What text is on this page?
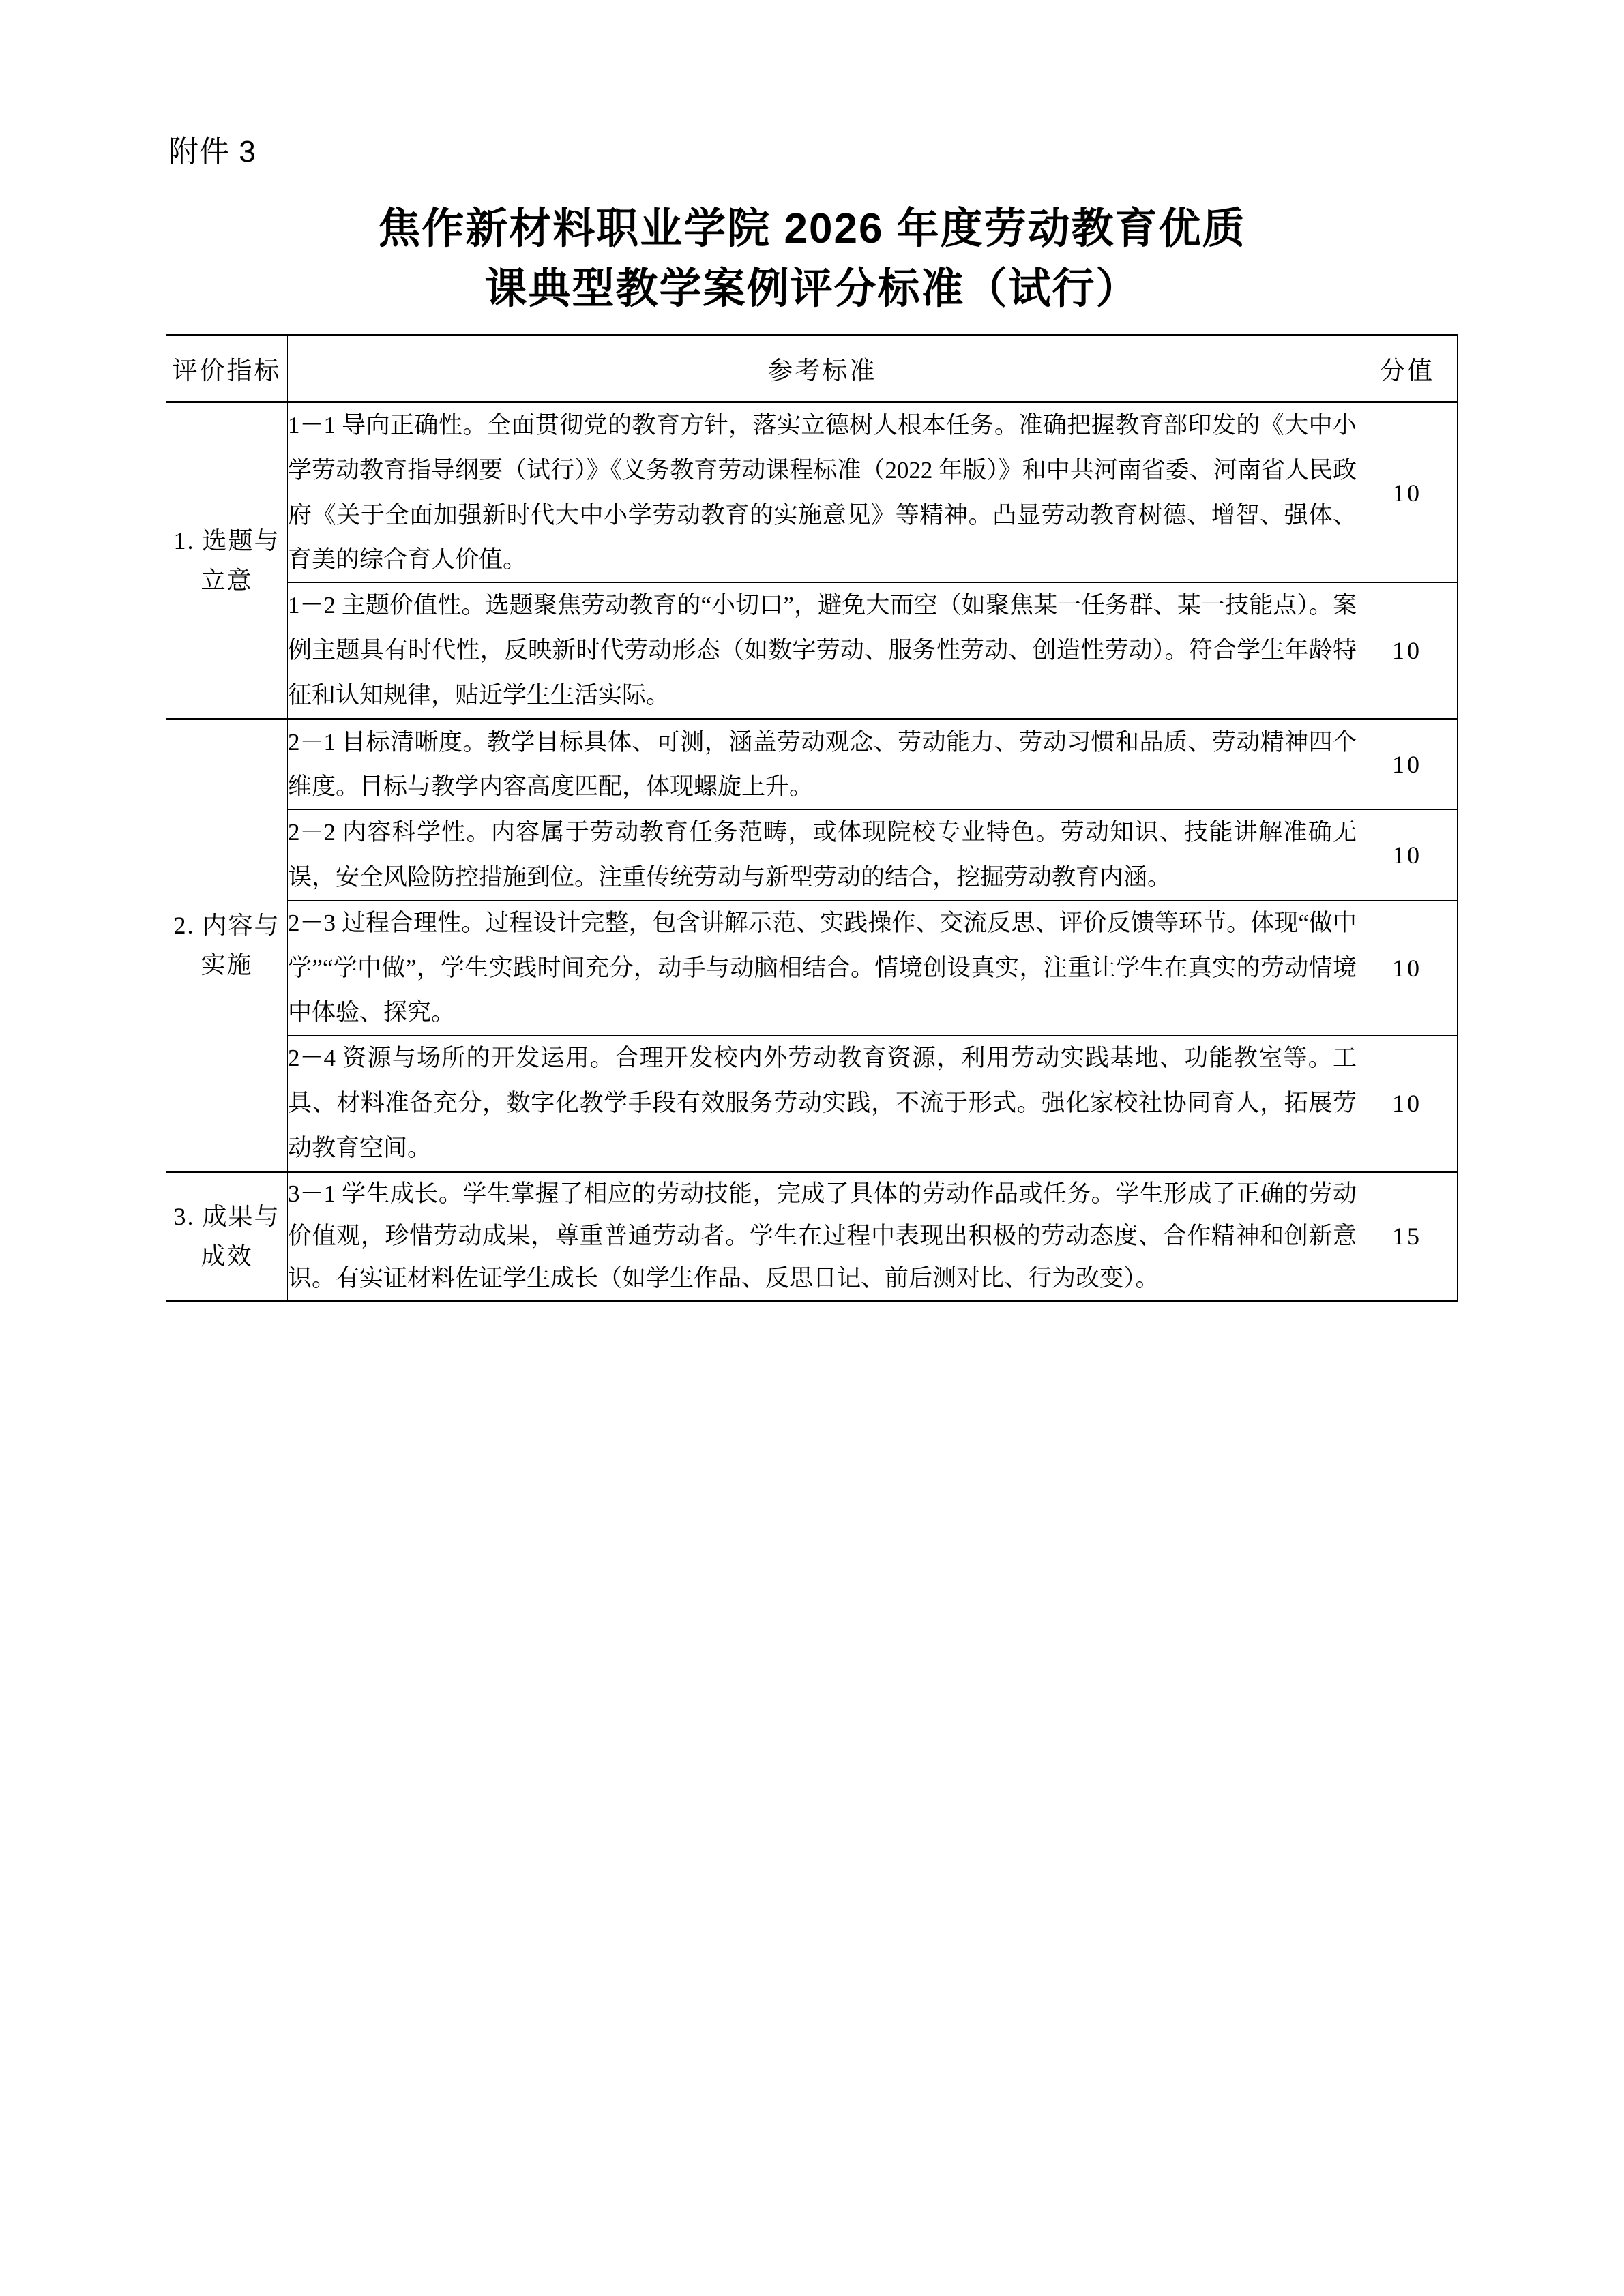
附件 3
焦作新材料职业学院 2026 年度劳动教育优质
课典型教学案例评分标准（试行）
评价指标	参考标准	分值
1. 选题与立意	1－1 导向正确性。全面贯彻党的教育方针，落实立德树人根本任务。准确把握教育部印发的《大中小学劳动教育指导纲要（试行）》《义务教育劳动课程标准（2022 年版）》和中共河南省委、河南省人民政府《关于全面加强新时代大中小学劳动教育的实施意见》等精神。凸显劳动教育树德、增智、强体、育美的综合育人价值。	10
	1－2 主题价值性。选题聚焦劳动教育的“小切口”，避免大而空（如聚焦某一任务群、某一技能点）。案例主题具有时代性，反映新时代劳动形态（如数字劳动、服务性劳动、创造性劳动）。符合学生年龄特征和认知规律，贴近学生生活实际。	10
2. 内容与实施	2－1 目标清晰度。教学目标具体、可测，涵盖劳动观念、劳动能力、劳动习惯和品质、劳动精神四个维度。目标与教学内容高度匹配，体现螺旋上升。	10
	2－2 内容科学性。内容属于劳动教育任务范畴，或体现院校专业特色。劳动知识、技能讲解准确无误，安全风险防控措施到位。注重传统劳动与新型劳动的结合，挖掘劳动教育内涵。	10
	2－3 过程合理性。过程设计完整，包含讲解示范、实践操作、交流反思、评价反馈等环节。体现“做中学”“学中做”，学生实践时间充分，动手与动脑相结合。情境创设真实，注重让学生在真实的劳动情境中体验、探究。	10
	2－4 资源与场所的开发运用。合理开发校内外劳动教育资源，利用劳动实践基地、功能教室等。工具、材料准备充分，数字化教学手段有效服务劳动实践，不流于形式。强化家校社协同育人，拓展劳动教育空间。	10
3. 成果与成效	3－1 学生成长。学生掌握了相应的劳动技能，完成了具体的劳动作品或任务。学生形成了正确的劳动价值观，珍惜劳动成果，尊重普通劳动者。学生在过程中表现出积极的劳动态度、合作精神和创新意识。有实证材料佐证学生成长（如学生作品、反思日记、前后测对比、行为改变）。	15
